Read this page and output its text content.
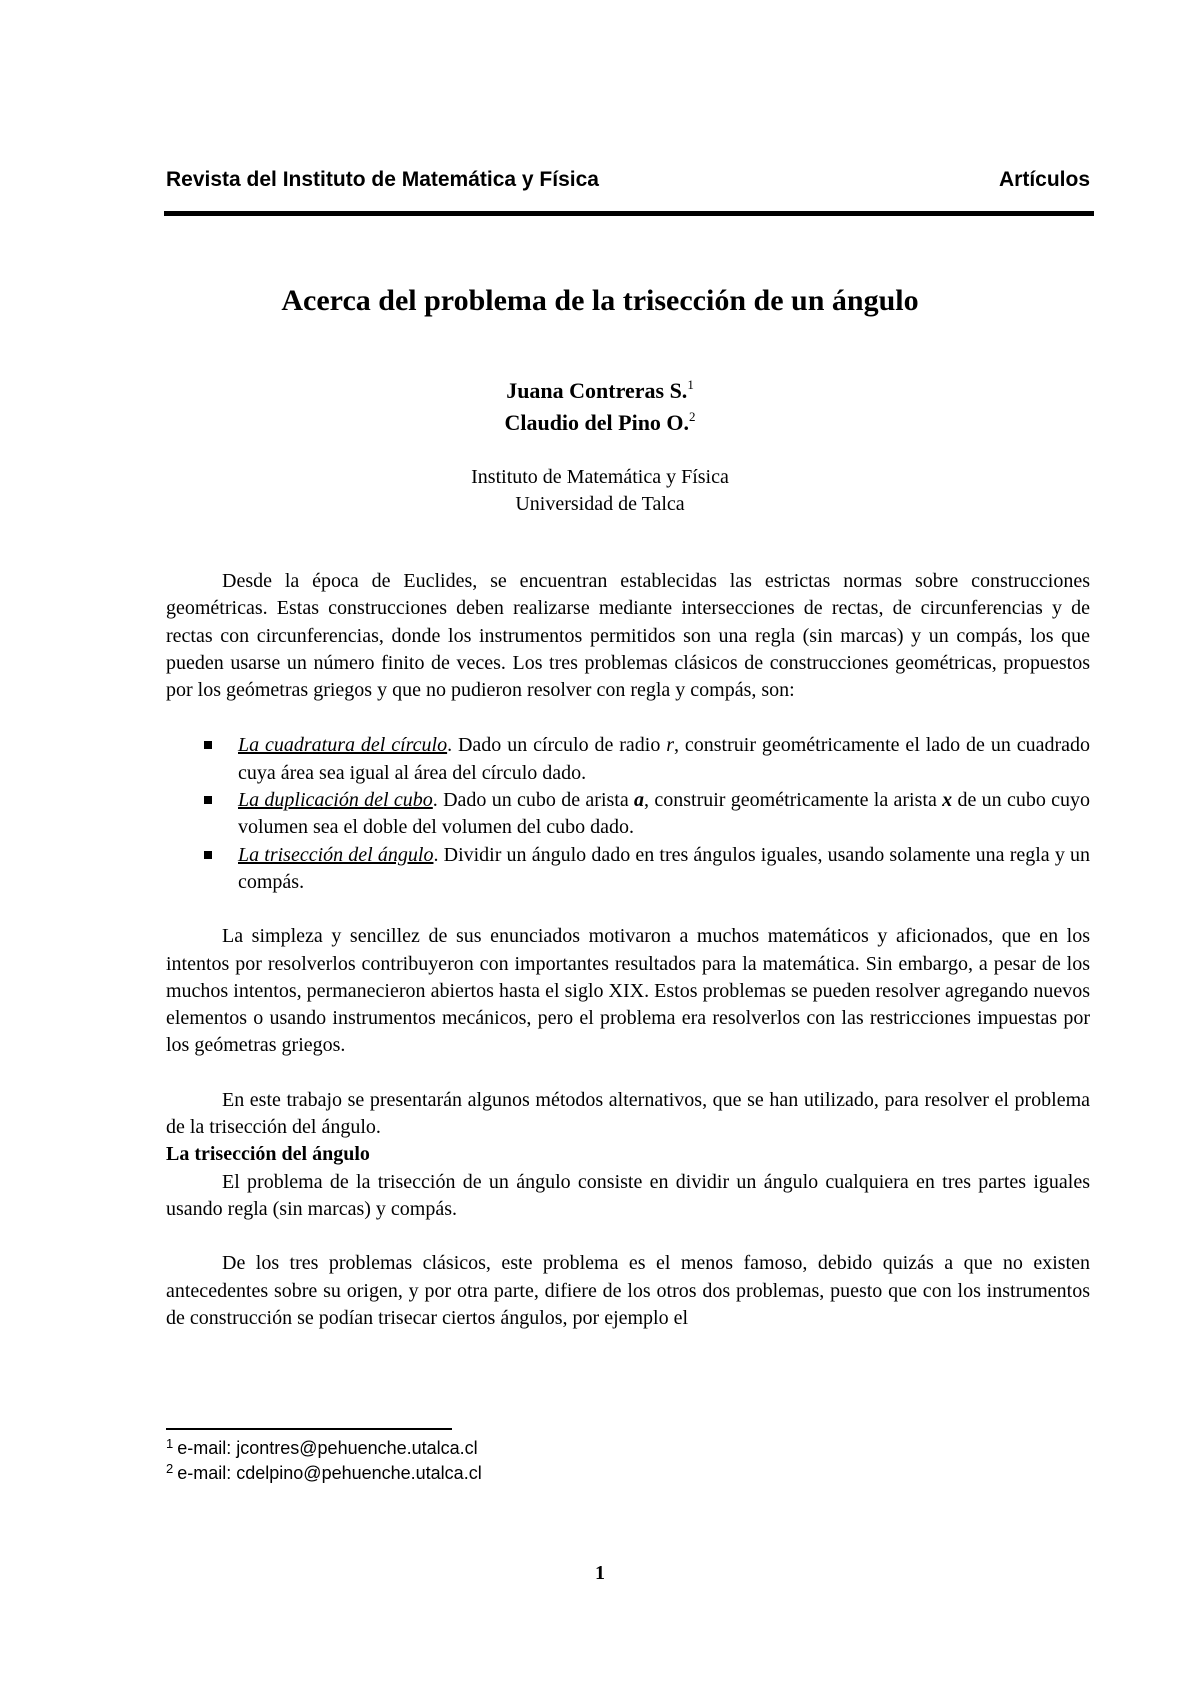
Revista del Instituto de Matemática y Física	Artículos
Acerca del problema de la trisección de un ángulo
Juana Contreras S.$^1$
Claudio del Pino O.$^2$
Instituto de Matemática y Física
Universidad de Talca

Desde la época de Euclides, se encuentran establecidas las estrictas normas sobre construcciones geométricas. Estas construcciones deben realizarse mediante intersecciones de rectas, de circunferencias y de rectas con circunferencias, donde los instrumentos permitidos son una regla (sin marcas) y un compás, los que pueden usarse un número finito de veces. Los tres problemas clásicos de construcciones geométricas, propuestos por los geómetras griegos y que no pudieron resolver con regla y compás, son:

La cuadratura del círculo. Dado un círculo de radio r, construir geométricamente el lado de un cuadrado cuya área sea igual al área del círculo dado.
La duplicación del cubo. Dado un cubo de arista a, construir geométricamente la arista x de un cubo cuyo volumen sea el doble del volumen del cubo dado.
La trisección del ángulo. Dividir un ángulo dado en tres ángulos iguales, usando solamente una regla y un compás.

La simpleza y sencillez de sus enunciados motivaron a muchos matemáticos y aficionados, que en los intentos por resolverlos contribuyeron con importantes resultados para la matemática. Sin embargo, a pesar de los muchos intentos, permanecieron abiertos hasta el siglo XIX. Estos problemas se pueden resolver agregando nuevos elementos o usando instrumentos mecánicos, pero el problema era resolverlos con las restricciones impuestas por los geómetras griegos.

En este trabajo se presentarán algunos métodos alternativos, que se han utilizado, para resolver el problema de la trisección del ángulo.

La trisección del ángulo

El problema de la trisección de un ángulo consiste en dividir un ángulo cualquiera en tres partes iguales usando regla (sin marcas) y compás.

De los tres problemas clásicos, este problema es el menos famoso, debido quizás a que no existen antecedentes sobre su origen, y por otra parte, difiere de los otros dos problemas, puesto que con los instrumentos de construcción se podían trisecar ciertos ángulos, por ejemplo el

$^1$ e-mail: jcontres@pehuenche.utalca.cl
$^2$ e-mail: cdelpino@pehuenche.utalca.cl
1
